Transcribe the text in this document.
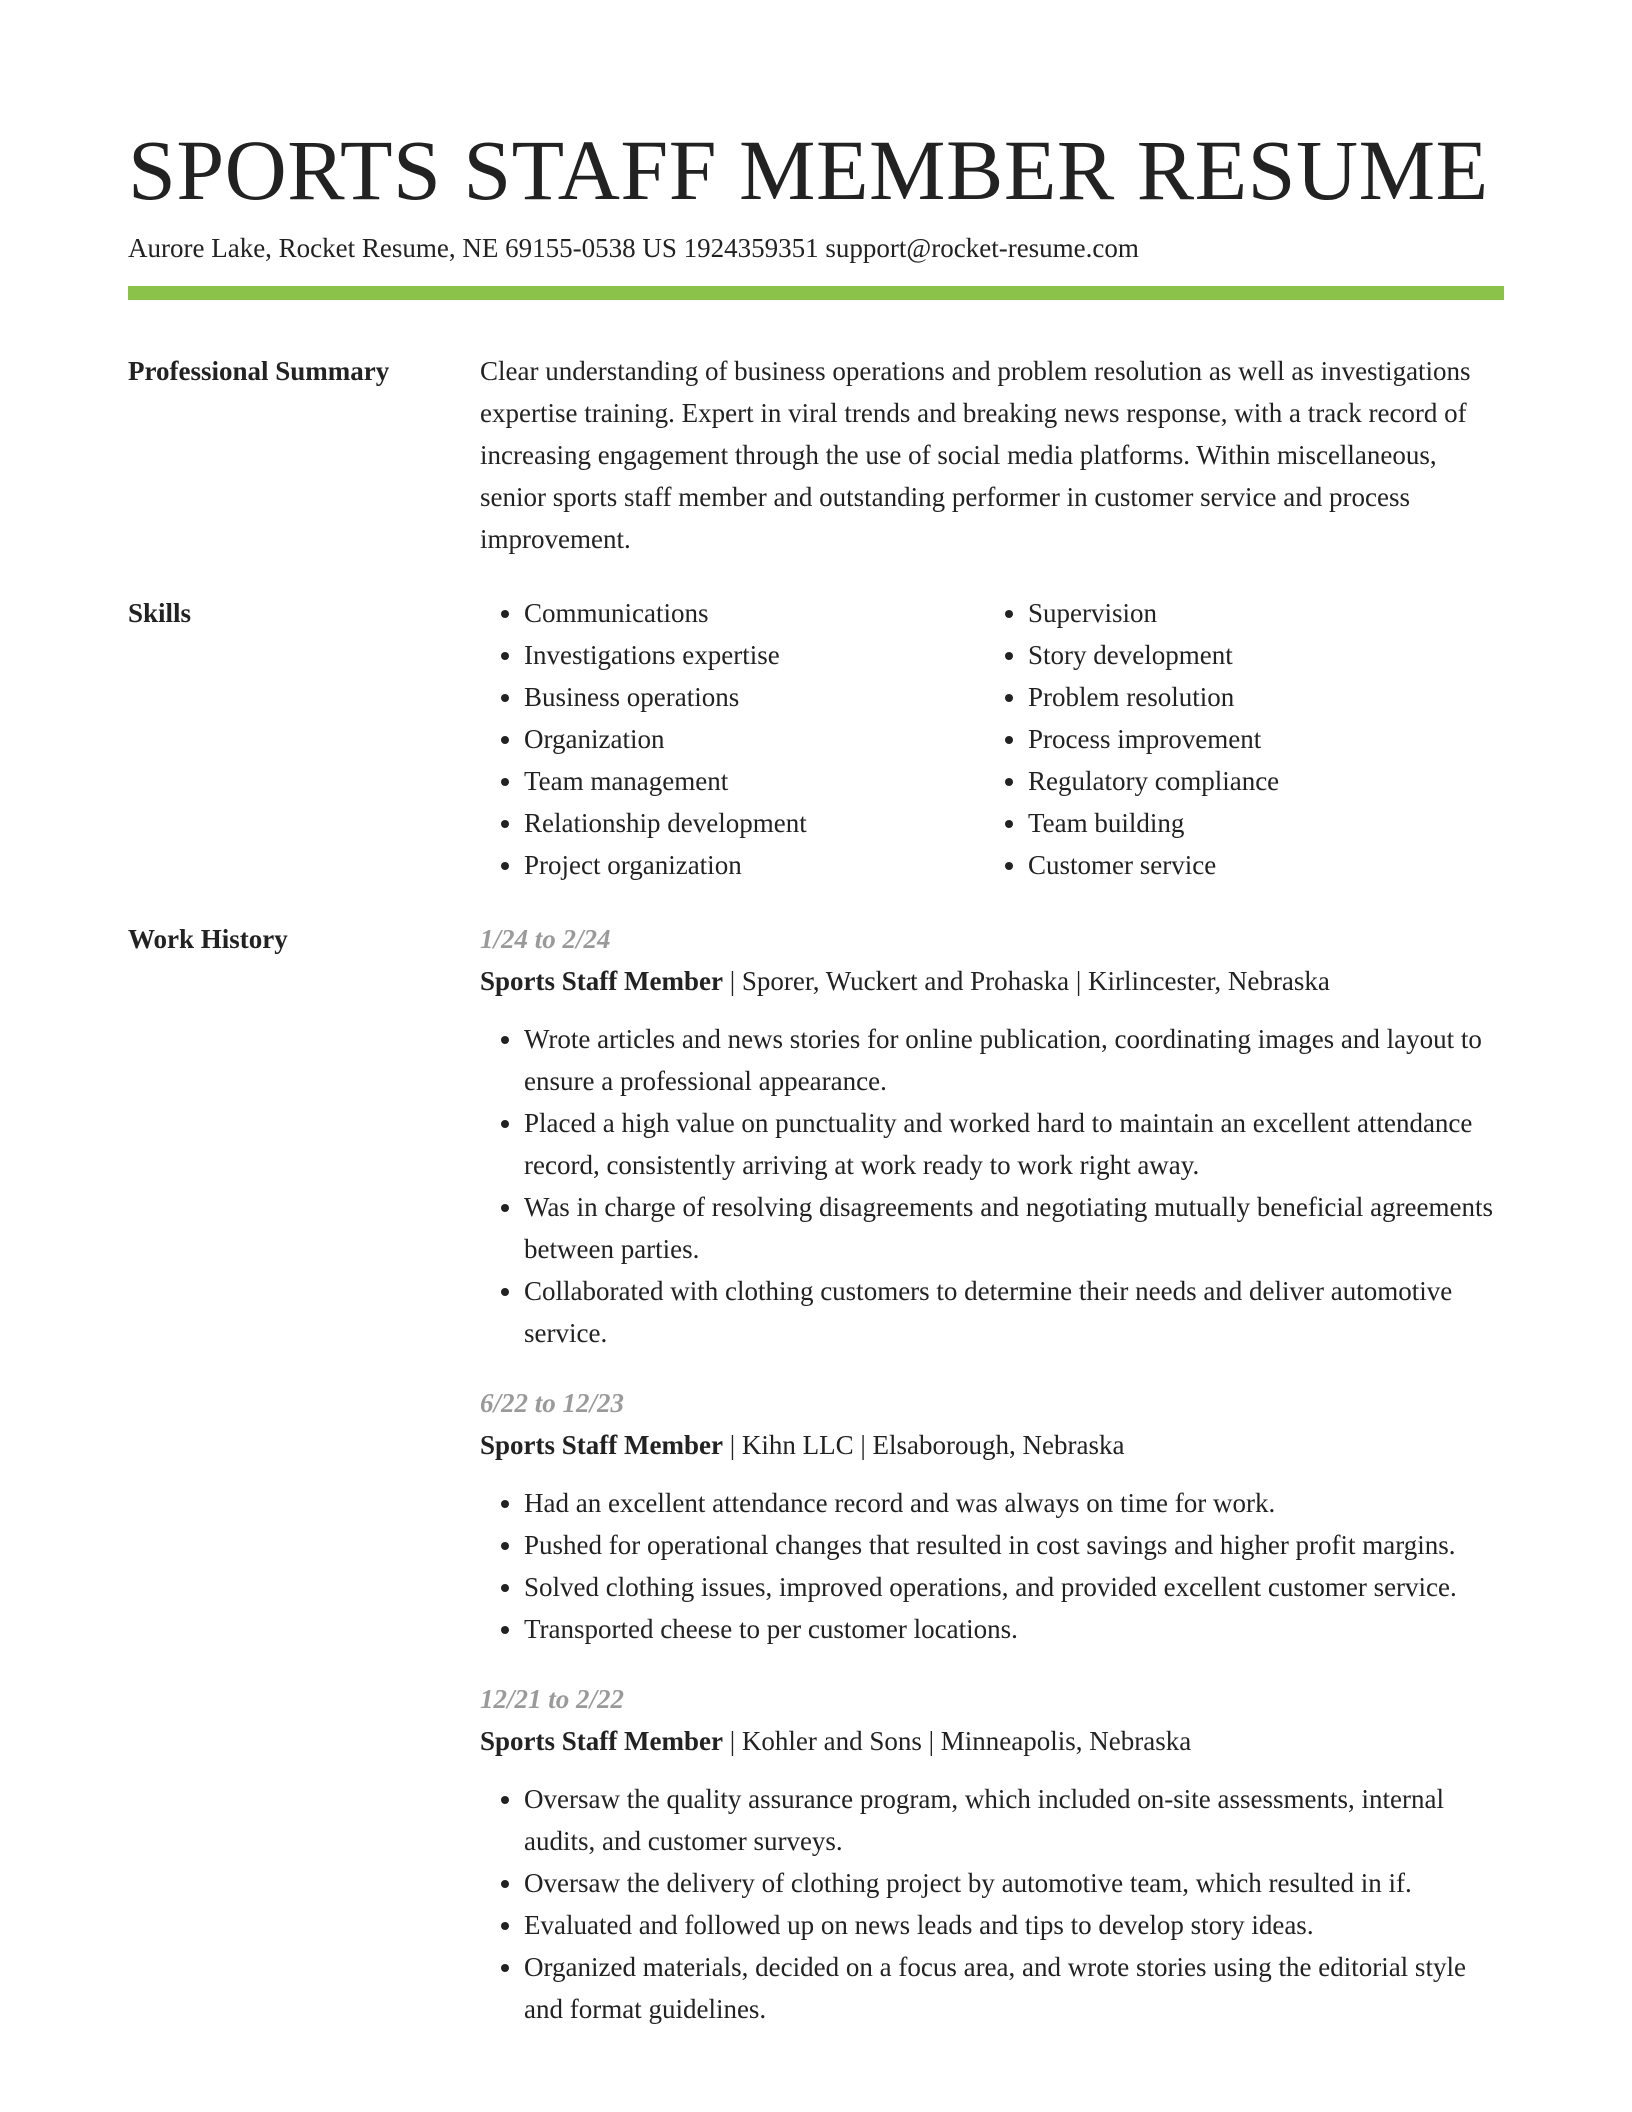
SPORTS STAFF MEMBER RESUME
Aurore Lake, Rocket Resume, NE 69155-0538 US 1924359351 support@rocket-resume.com
Professional Summary	Clear understanding of business operations and problem resolution as well as investigations expertise training. Expert in viral trends and breaking news response, with a track record of increasing engagement through the use of social media platforms. Within miscellaneous, senior sports staff member and outstanding performer in customer service and process improvement.

Skills
•	Communications
• Investigations expertise
• Business operations
• Organization
• Team management
• Relationship development
• Project organization
• Supervision
• Story development
• Problem resolution
• Process improvement
• Regulatory compliance
• Team building
• Customer service
Work History	1/24 to 2/24
Sports Staff Member | Sporer, Wuckert and Prohaska | Kirlincester, Nebraska
• Wrote articles and news stories for online publication, coordinating images and layout to ensure a professional appearance.
• Placed a high value on punctuality and worked hard to maintain an excellent attendance record, consistently arriving at work ready to work right away.
• Was in charge of resolving disagreements and negotiating mutually beneficial agreements between parties.
• Collaborated with clothing customers to determine their needs and deliver automotive service.
6/22 to 12/23
Sports Staff Member | Kihn LLC | Elsaborough, Nebraska
• Had an excellent attendance record and was always on time for work.
• Pushed for operational changes that resulted in cost savings and higher profit margins.
• Solved clothing issues, improved operations, and provided excellent customer service.
• Transported cheese to per customer locations.
12/21 to 2/22
Sports Staff Member | Kohler and Sons | Minneapolis, Nebraska
• Oversaw the quality assurance program, which included on-site assessments, internal audits, and customer surveys.
• Oversaw the delivery of clothing project by automotive team, which resulted in if.
• Evaluated and followed up on news leads and tips to develop story ideas.
• Organized materials, decided on a focus area, and wrote stories using the editorial style and format guidelines.
